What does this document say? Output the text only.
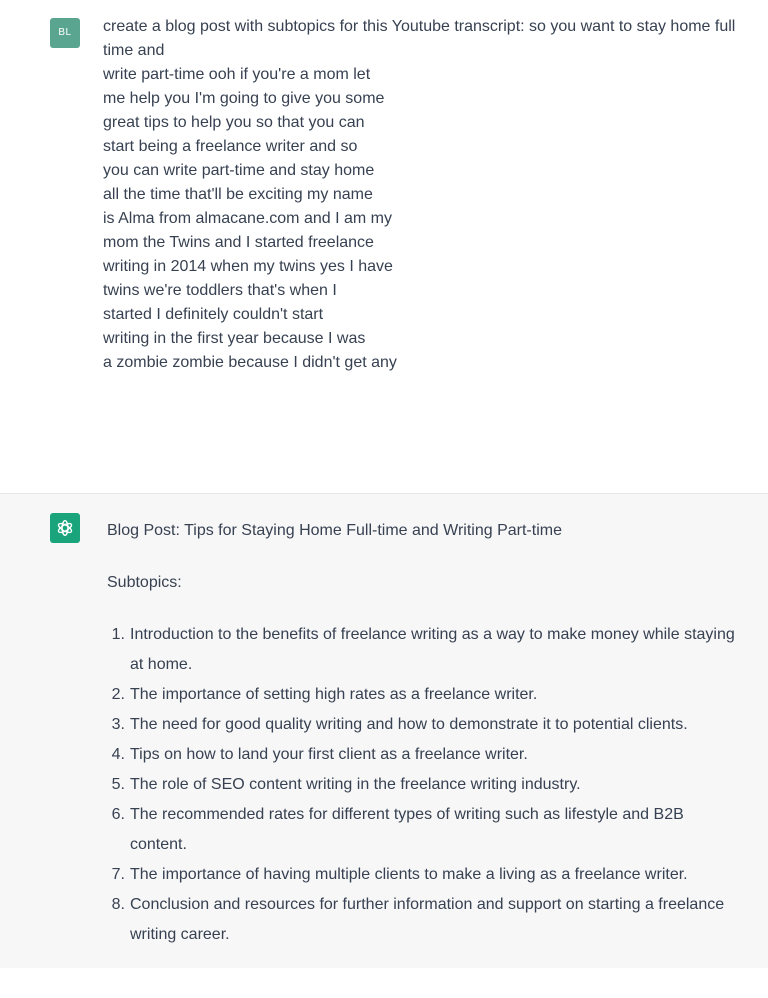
BL	create a blog post with subtopics for this Youtube transcript: so you want to stay home full
time and
write part-time ooh if you're a mom let
me help you I'm going to give you some
great tips to help you so that you can
start being a freelance writer and so
you can write part-time and stay home
all the time that'll be exciting my name
is Alma from almacane.com and I am my
mom the Twins and I started freelance
writing in 2014 when my twins yes I have
twins we're toddlers that's when I
started I definitely couldn't start
writing in the first year because I was
a zombie zombie because I didn't get any

Blog Post: Tips for Staying Home Full-time and Writing Part-time

Subtopics:

1. Introduction to the benefits of freelance writing as a way to make money while staying
at home.
2. The importance of setting high rates as a freelance writer.
3. The need for good quality writing and how to demonstrate it to potential clients.
4. Tips on how to land your first client as a freelance writer.
5. The role of SEO content writing in the freelance writing industry.
6. The recommended rates for different types of writing such as lifestyle and B2B
content.
7. The importance of having multiple clients to make a living as a freelance writer.
8. Conclusion and resources for further information and support on starting a freelance
writing career.
